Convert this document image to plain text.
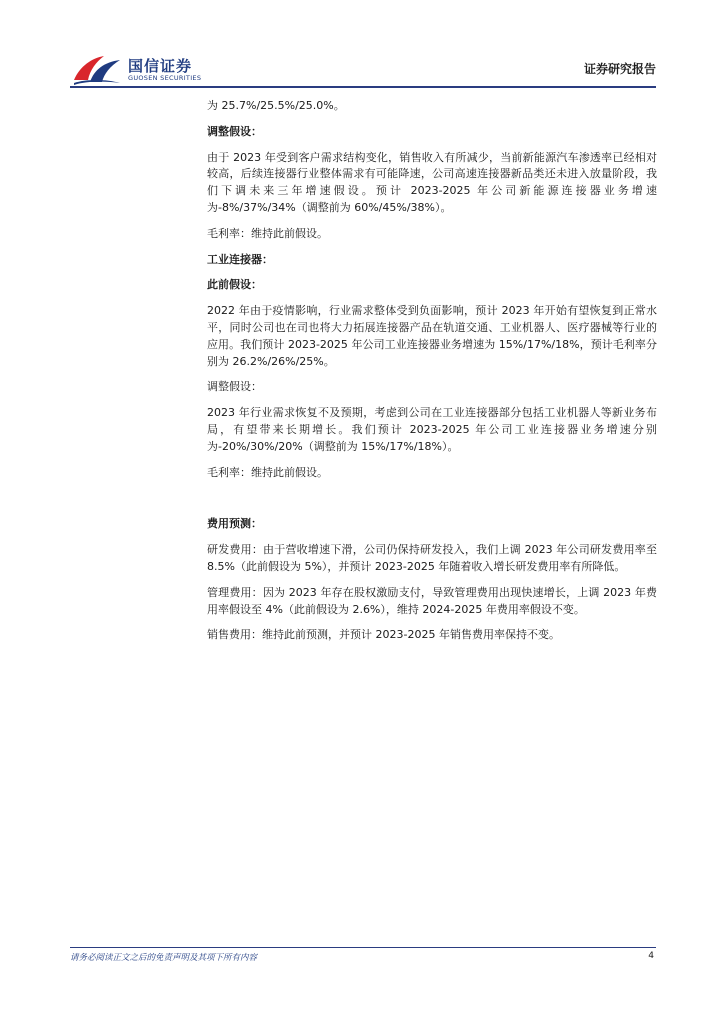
国信证券
GUOSEN SECURITIES
证券研究报告
为 25.7%/25.5%/25.0%。
调整假设：
由于 2023 年受到客户需求结构变化，销售收入有所减少，当前新能源汽车渗透率已经相对较高，后续连接器行业整体需求有可能降速，公司高速连接器新品类还未进入放量阶段，我们下调未来三年增速假设。预计 2023-2025 年公司新能源连接器业务增速为-8%/37%/34%（调整前为 60%/45%/38%）。
毛利率：维持此前假设。
工业连接器：
此前假设：
2022 年由于疫情影响，行业需求整体受到负面影响，预计 2023 年开始有望恢复到正常水平，同时公司也在司也将大力拓展连接器产品在轨道交通、工业机器人、医疗器械等行业的应用。我们预计 2023-2025 年公司工业连接器业务增速为 15%/17%/18%，预计毛利率分别为 26.2%/26%/25%。
调整假设：
2023 年行业需求恢复不及预期，考虑到公司在工业连接器部分包括工业机器人等新业务布局，有望带来长期增长。我们预计 2023-2025 年公司工业连接器业务增速分别为-20%/30%/20%（调整前为 15%/17%/18%）。
毛利率：维持此前假设。
费用预测：
研发费用：由于营收增速下滑，公司仍保持研发投入，我们上调 2023 年公司研发费用率至 8.5%（此前假设为 5%），并预计 2023-2025 年随着收入增长研发费用率有所降低。
管理费用：因为 2023 年存在股权激励支付，导致管理费用出现快速增长，上调 2023 年费用率假设至 4%（此前假设为 2.6%），维持 2024-2025 年费用率假设不变。
销售费用：维持此前预测，并预计 2023-2025 年销售费用率保持不变。
请务必阅读正文之后的免责声明及其项下所有内容	4
